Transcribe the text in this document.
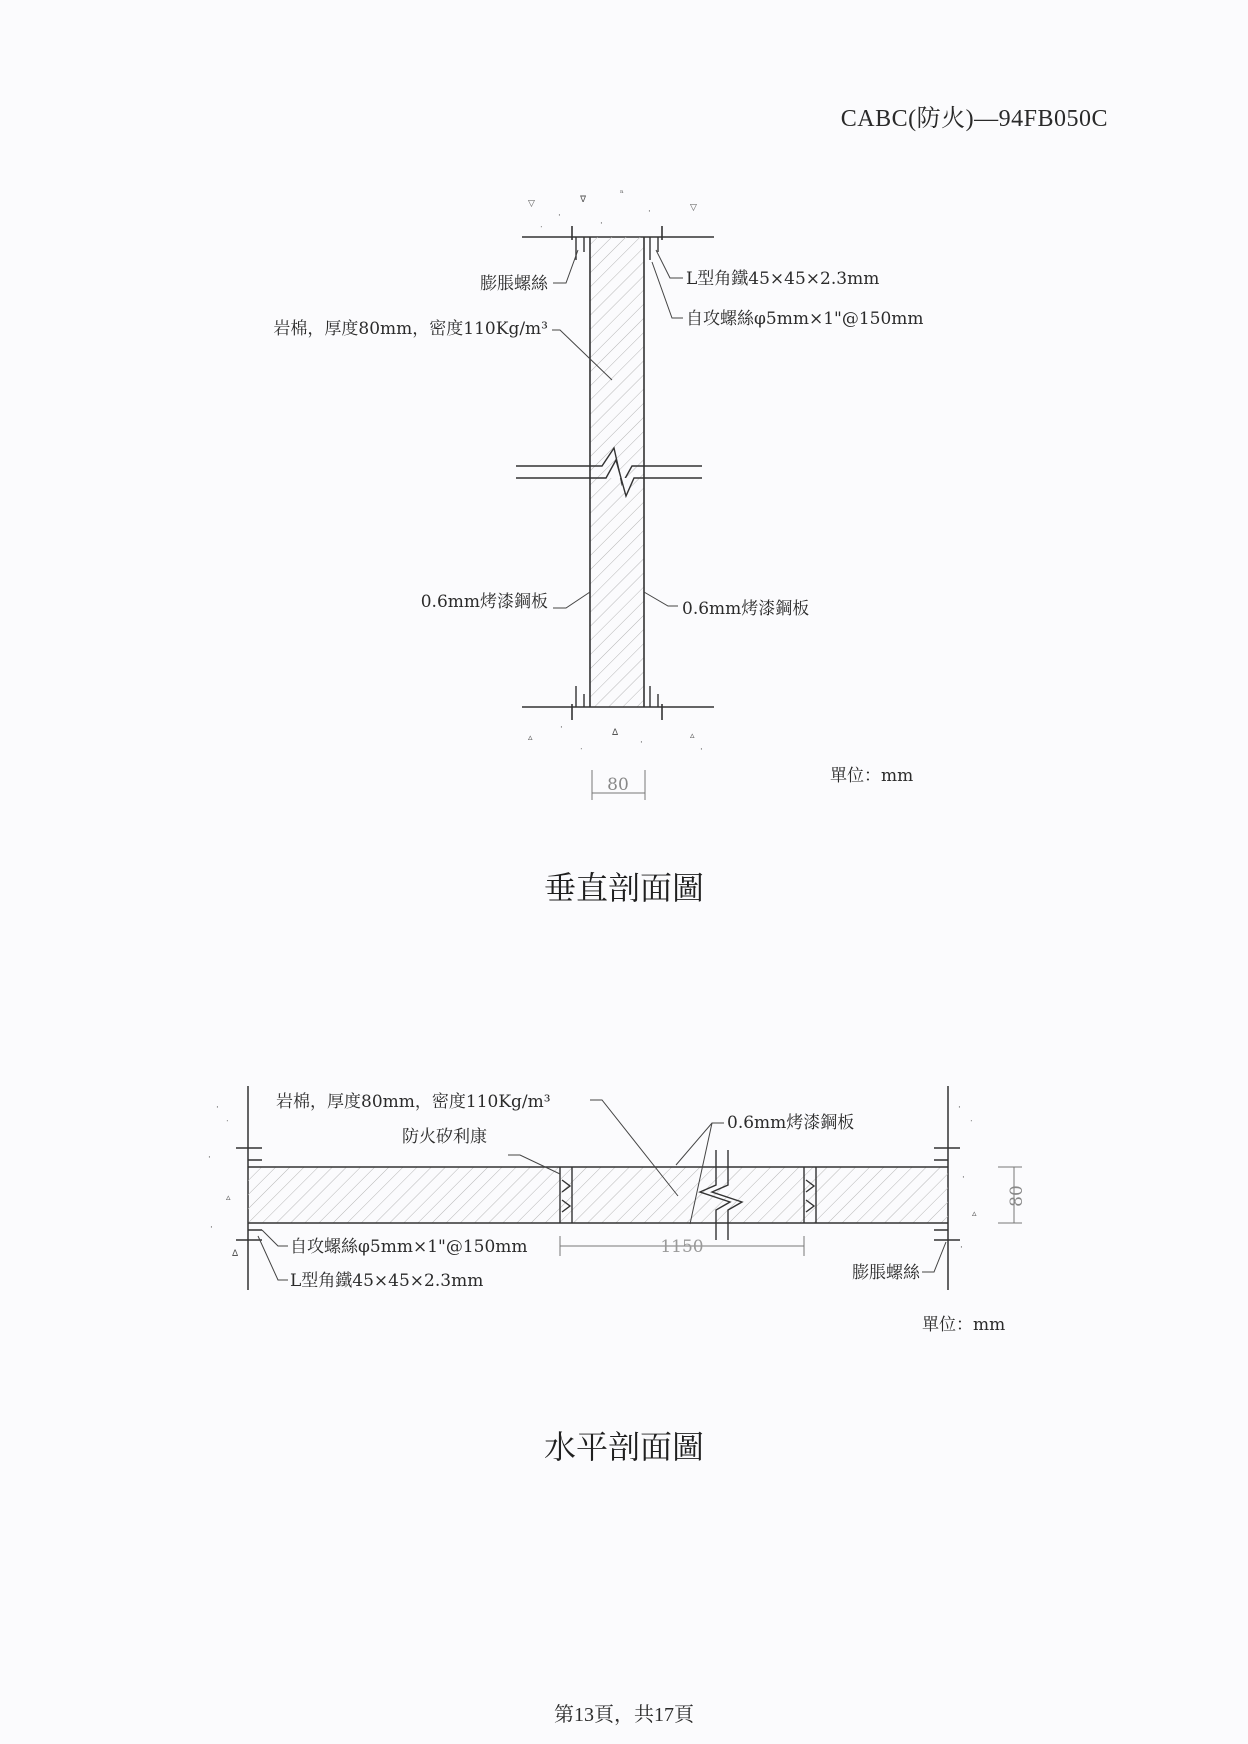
CABC(防火)—94FB050C
▽
·
ᐁ
ⁿ
·	▽
·
ᐧ
▵
·	ᐃ
·
▵
·
ᐧ
膨脹螺絲	L型角鐵45×45×2.3mm
岩棉，厚度80mm，密度110Kg/m³	自攻螺絲φ5mm×1"@150mm
0.6mm烤漆鋼板	0.6mm烤漆鋼板
80	單位：mm
垂直剖面圖
·
ᐧ
·
▵
·
ᐃ
·
ᐧ
·
▵
·
岩棉，厚度80mm，密度110Kg/m³
防火矽利康
0.6mm烤漆鋼板
自攻螺絲φ5mm×1"@150mm
L型角鐵45×45×2.3mm	膨脹螺絲
1150
80
單位：mm
水平剖面圖
第13頁，共17頁
